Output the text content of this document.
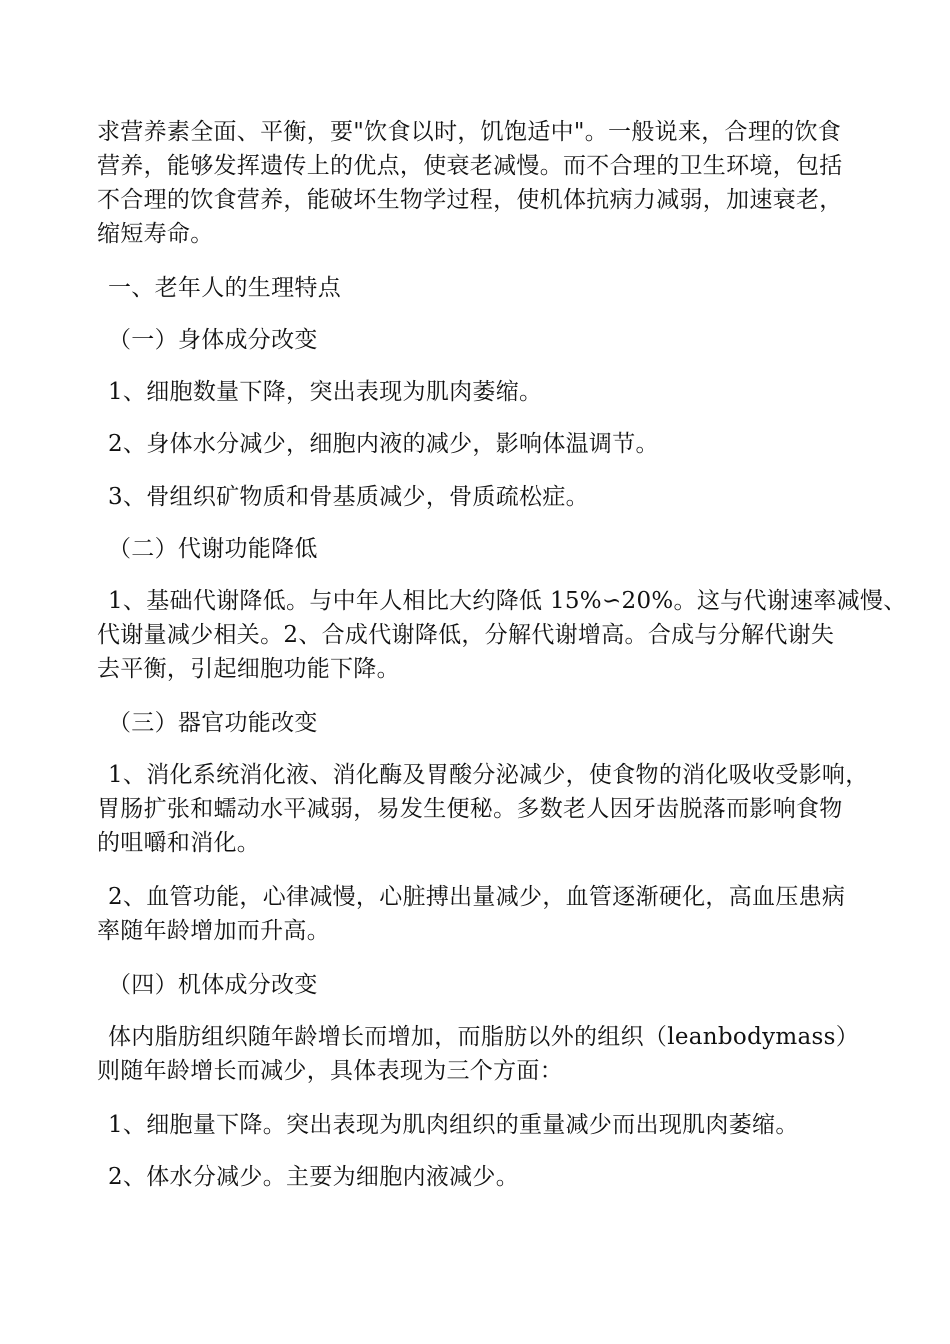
求营养素全面、平衡，要"饮食以时，饥饱适中"。一般说来，合理的饮食
营养，能够发挥遗传上的优点，使衰老减慢。而不合理的卫生环境，包括
不合理的饮食营养，能破坏生物学过程，使机体抗病力减弱，加速衰老，
缩短寿命。
一、老年人的生理特点
（一）身体成分改变
1、细胞数量下降，突出表现为肌肉萎缩。
2、身体水分减少，细胞内液的减少，影响体温调节。
3、骨组织矿物质和骨基质减少，骨质疏松症。
（二）代谢功能降低
1、基础代谢降低。与中年人相比大约降低 15%∽20%。这与代谢速率减慢、
代谢量减少相关。2、合成代谢降低，分解代谢增高。合成与分解代谢失
去平衡，引起细胞功能下降。
（三）器官功能改变
1、消化系统消化液、消化酶及胃酸分泌减少，使食物的消化吸收受影响，
胃肠扩张和蠕动水平减弱，易发生便秘。多数老人因牙齿脱落而影响食物
的咀嚼和消化。
2、血管功能，心律减慢，心脏搏出量减少，血管逐渐硬化，高血压患病
率随年龄增加而升高。
（四）机体成分改变
体内脂肪组织随年龄增长而增加，而脂肪以外的组织（leanbodymass）
则随年龄增长而减少，具体表现为三个方面：
1、细胞量下降。突出表现为肌肉组织的重量减少而出现肌肉萎缩。
2、体水分减少。主要为细胞内液减少。
